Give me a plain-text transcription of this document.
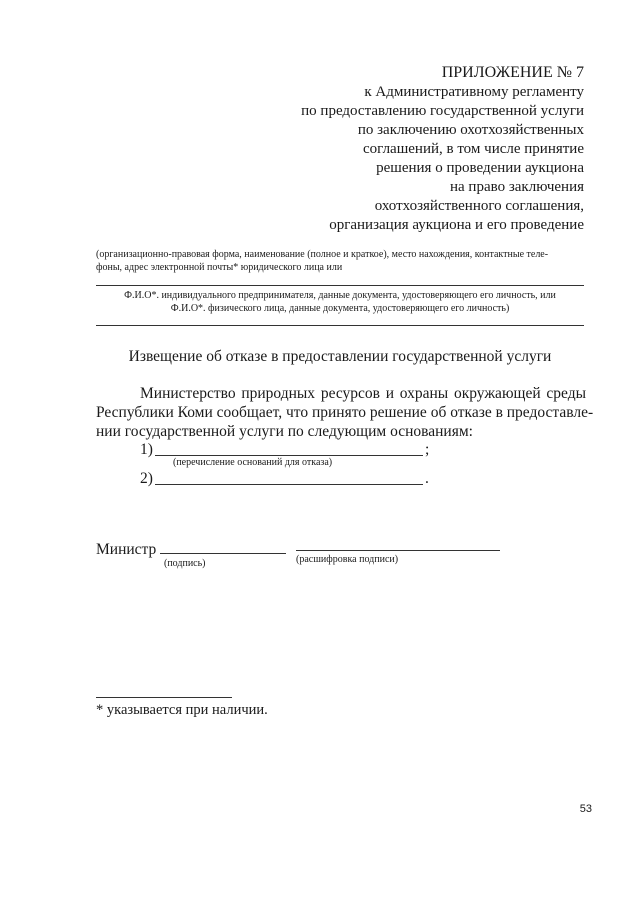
ПРИЛОЖЕНИЕ № 7
к Административному регламенту
по предоставлению государственной услуги
по заключению охотхозяйственных
соглашений, в том числе принятие
решения о проведении аукциона
на право заключения
охотхозяйственного соглашения,
организация аукциона и его проведение
(организационно-правовая форма, наименование (полное и краткое), место нахождения, контактные теле-
фоны, адрес электронной почты* юридического лица или
Ф.И.О*. индивидуального предпринимателя, данные документа, удостоверяющего его личность, или
Ф.И.О*. физического лица, данные документа, удостоверяющего его личность)
Извещение об отказе в предоставлении государственной услуги
Министерство природных ресурсов и охраны окружающей среды
Республики Коми сообщает, что принято решение об отказе в предоставле-
нии государственной услуги по следующим основаниям:
1)	;
(перечисление оснований для отказа)
2)	.
Министр
(подпись)	(расшифровка подписи)
* указывается при наличии.
53
